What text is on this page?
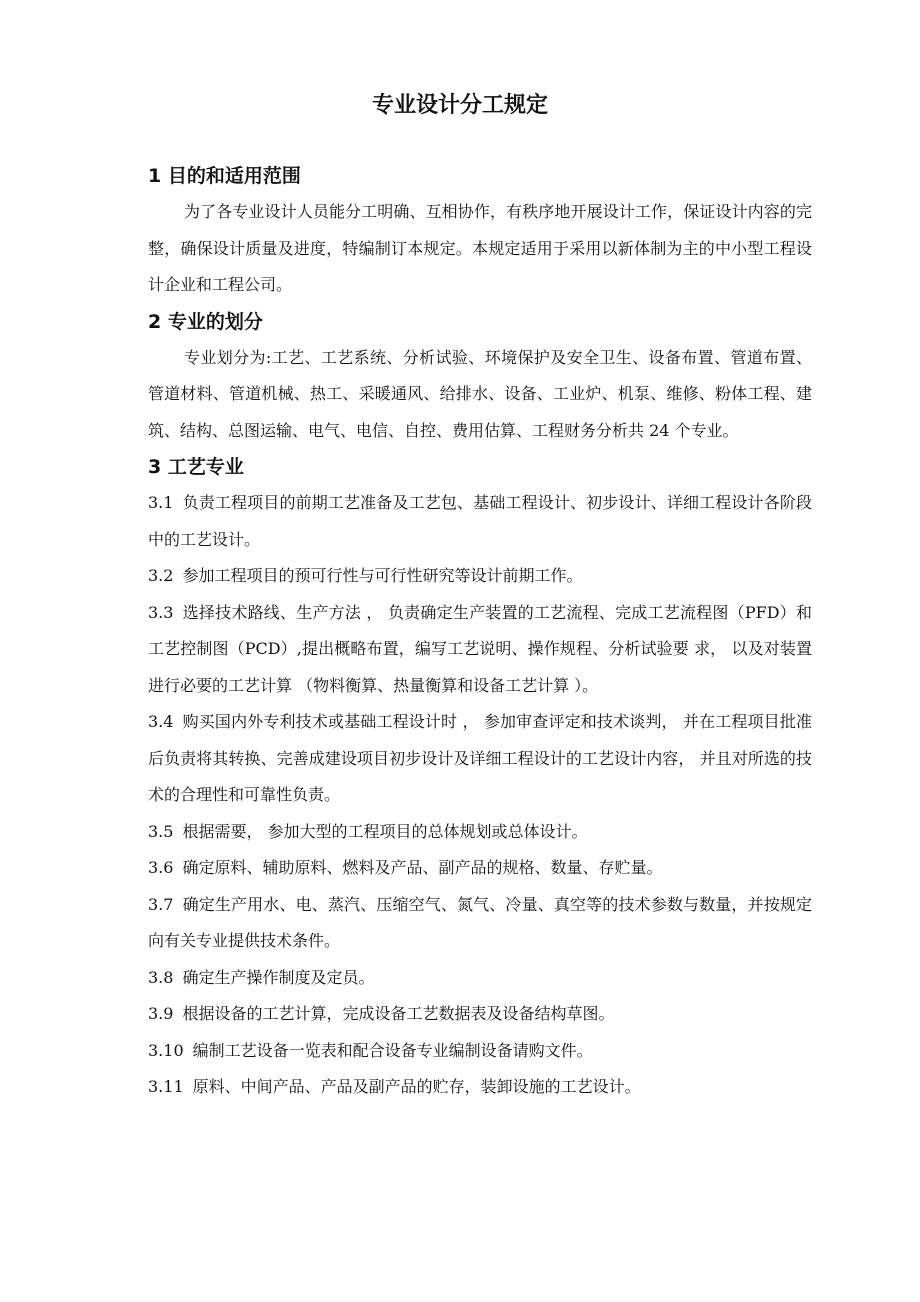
专业设计分工规定
1 目的和适用范围

为了各专业设计人员能分工明确、互相协作，有秩序地开展设计工作，保证设计内容的完整，确保设计质量及进度，特编制订本规定。本规定适用于采用以新体制为主的中小型工程设计企业和工程公司。

2 专业的划分

专业划分为:工艺、工艺系统、分析试验、环境保护及安全卫生、设备布置、管道布置、管道材料、管道机械、热工、采暖通风、给排水、设备、工业炉、机泵、维修、粉体工程、建筑、结构、总图运输、电气、电信、自控、费用估算、工程财务分析共 24 个专业。

3 工艺专业

3.1 负责工程项目的前期工艺准备及工艺包、基础工程设计、初步设计、详细工程设计各阶段中的工艺设计。

3.2 参加工程项目的预可行性与可行性研究等设计前期工作。

3.3 选择技术路线、生产方法 ， 负责确定生产装置的工艺流程、完成工艺流程图（PFD）和工艺控制图（PCD）,提出概略布置，编写工艺说明、操作规程、分析试验要 求， 以及对装置进行必要的工艺计算 （物料衡算、热量衡算和设备工艺计算 ）。

3.4 购买国内外专利技术或基础工程设计时 ， 参加审查评定和技术谈判， 并在工程项目批准后负责将其转换、完善成建设项目初步设计及详细工程设计的工艺设计内容， 并且对所选的技术的合理性和可靠性负责。

3.5 根据需要， 参加大型的工程项目的总体规划或总体设计。

3.6 确定原料、辅助原料、燃料及产品、副产品的规格、数量、存贮量。

3.7 确定生产用水、电、蒸汽、压缩空气、氮气、冷量、真空等的技术参数与数量，并按规定向有关专业提供技术条件。

3.8 确定生产操作制度及定员。

3.9 根据设备的工艺计算，完成设备工艺数据表及设备结构草图。

3.10 编制工艺设备一览表和配合设备专业编制设备请购文件。

3.11 原料、中间产品、产品及副产品的贮存，装卸设施的工艺设计。
